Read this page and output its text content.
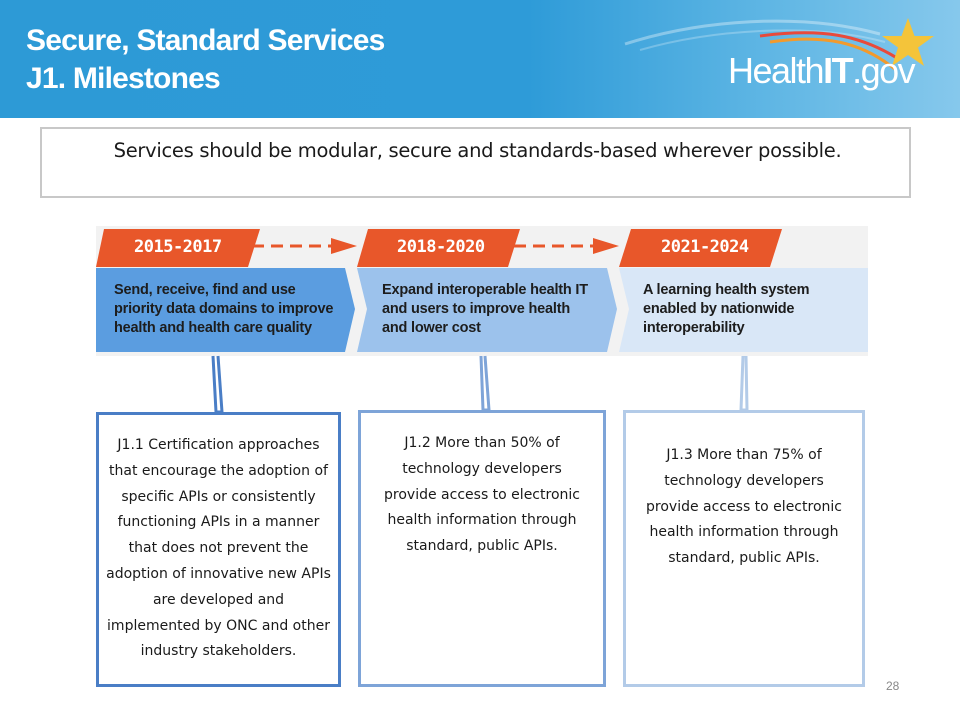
Secure, Standard Services
J1. Milestones	HealthIT.gov
Services should be modular, secure and standards-based wherever possible.
2015-2017	2018-2020	2021-2024
Send, receive, find and use
priority data domains to improve
health and health care quality
Expand interoperable health IT
and users to improve health
and lower cost
A learning health system
enabled by nationwide
interoperability
J1.1 Certification approaches that encourage the adoption of specific APIs or consistently functioning APIs in a manner that does not prevent the adoption of innovative new APIs are developed and implemented by ONC and other industry stakeholders.
J1.2 More than 50% of technology developers provide access to electronic health information through standard, public APIs.
J1.3 More than 75% of technology developers provide access to electronic health information through standard, public APIs.
28
